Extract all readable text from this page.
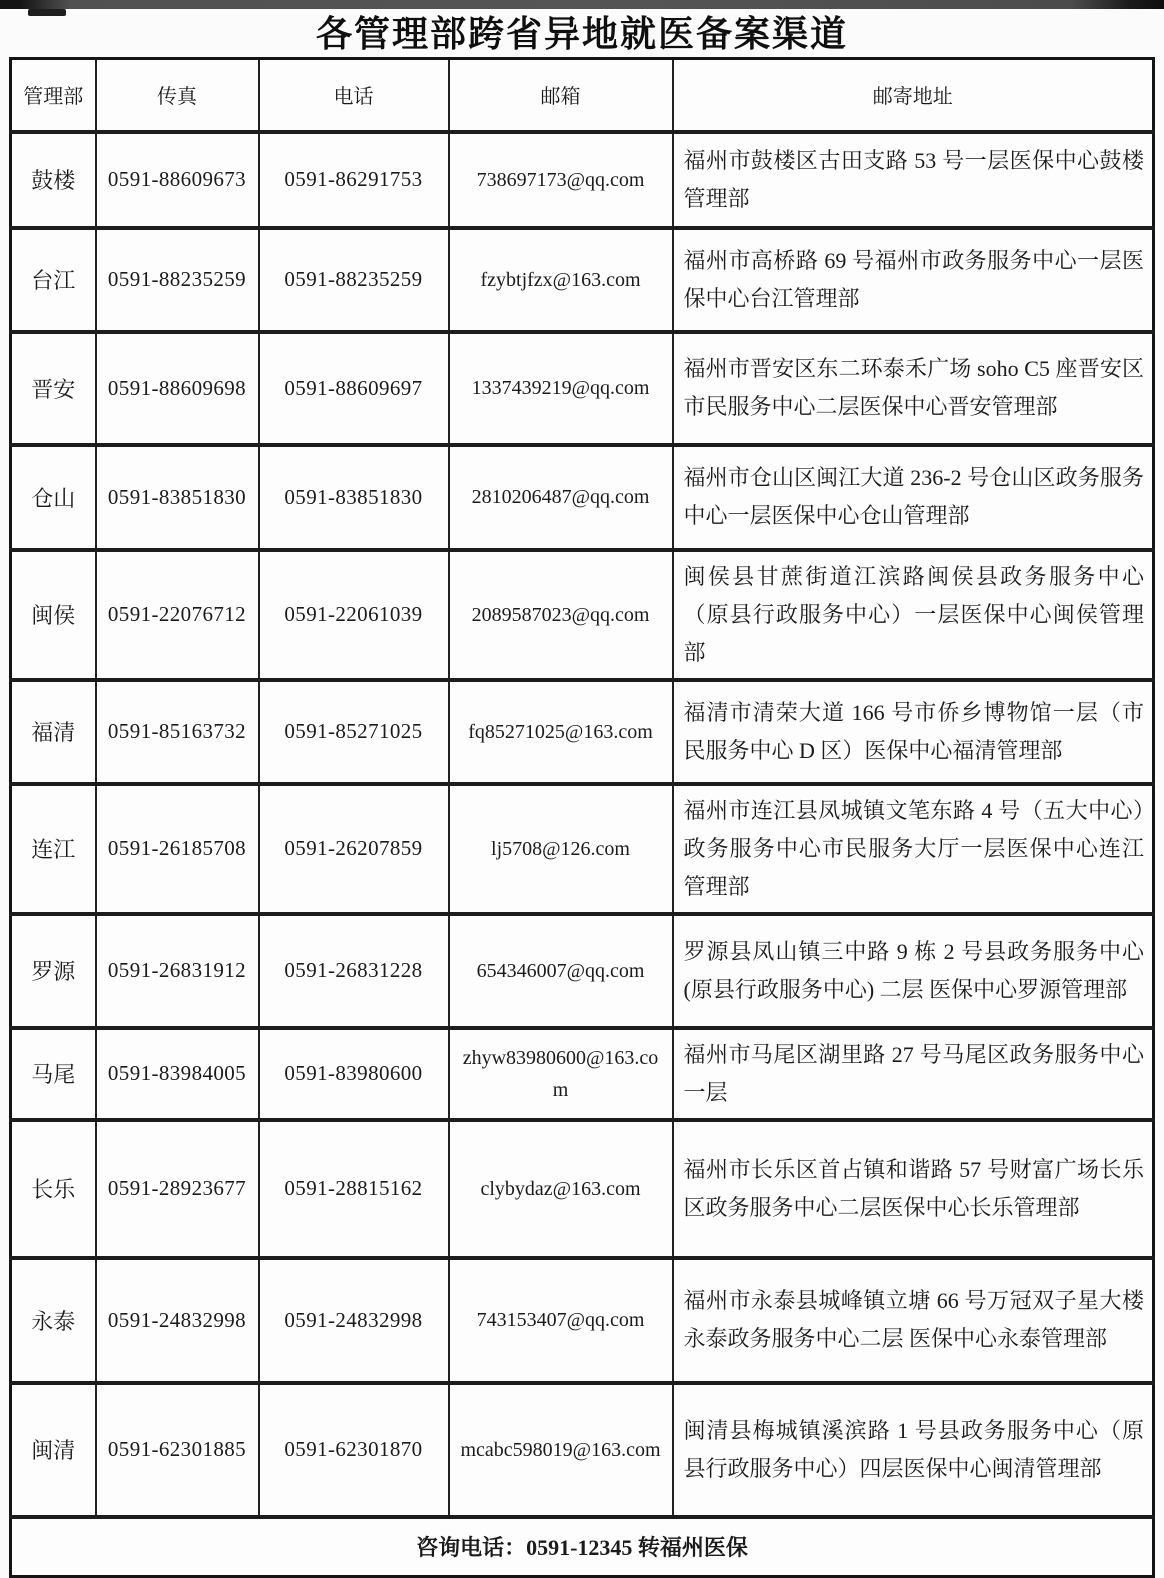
各管理部跨省异地就医备案渠道
管理部	传真	电话	邮箱	邮寄地址
鼓楼	0591-88609673	0591-86291753	738697173@qq.com	福州市鼓楼区古田支路 53 号一层医保中心鼓楼管理部
台江	0591-88235259	0591-88235259	fzybtjfzx@163.com	福州市高桥路 69 号福州市政务服务中心一层医保中心台江管理部
晋安	0591-88609698	0591-88609697	1337439219@qq.com	福州市晋安区东二环泰禾广场 soho C5 座晋安区市民服务中心二层医保中心晋安管理部
仓山	0591-83851830	0591-83851830	2810206487@qq.com	福州市仓山区闽江大道 236-2 号仓山区政务服务中心一层医保中心仓山管理部
闽侯	0591-22076712	0591-22061039	2089587023@qq.com	闽侯县甘蔗街道江滨路闽侯县政务服务中心（原县行政服务中心）一层医保中心闽侯管理部
福清	0591-85163732	0591-85271025	fq85271025@163.com	福清市清荣大道 166 号市侨乡博物馆一层（市民服务中心 D 区）医保中心福清管理部
连江	0591-26185708	0591-26207859	lj5708@126.com	福州市连江县凤城镇文笔东路 4 号（五大中心）政务服务中心市民服务大厅一层医保中心连江管理部
罗源	0591-26831912	0591-26831228	654346007@qq.com	罗源县凤山镇三中路 9 栋 2 号县政务服务中心(原县行政服务中心) 二层 医保中心罗源管理部
马尾	0591-83984005	0591-83980600	zhyw83980600@163.com	福州市马尾区湖里路 27 号马尾区政务服务中心一层
长乐	0591-28923677	0591-28815162	clybydaz@163.com	福州市长乐区首占镇和谐路 57 号财富广场长乐区政务服务中心二层医保中心长乐管理部
永泰	0591-24832998	0591-24832998	743153407@qq.com	福州市永泰县城峰镇立塘 66 号万冠双子星大楼永泰政务服务中心二层 医保中心永泰管理部
闽清	0591-62301885	0591-62301870	mcabc598019@163.com	闽清县梅城镇溪滨路 1 号县政务服务中心（原县行政服务中心）四层医保中心闽清管理部
咨询电话：0591-12345 转福州医保				
